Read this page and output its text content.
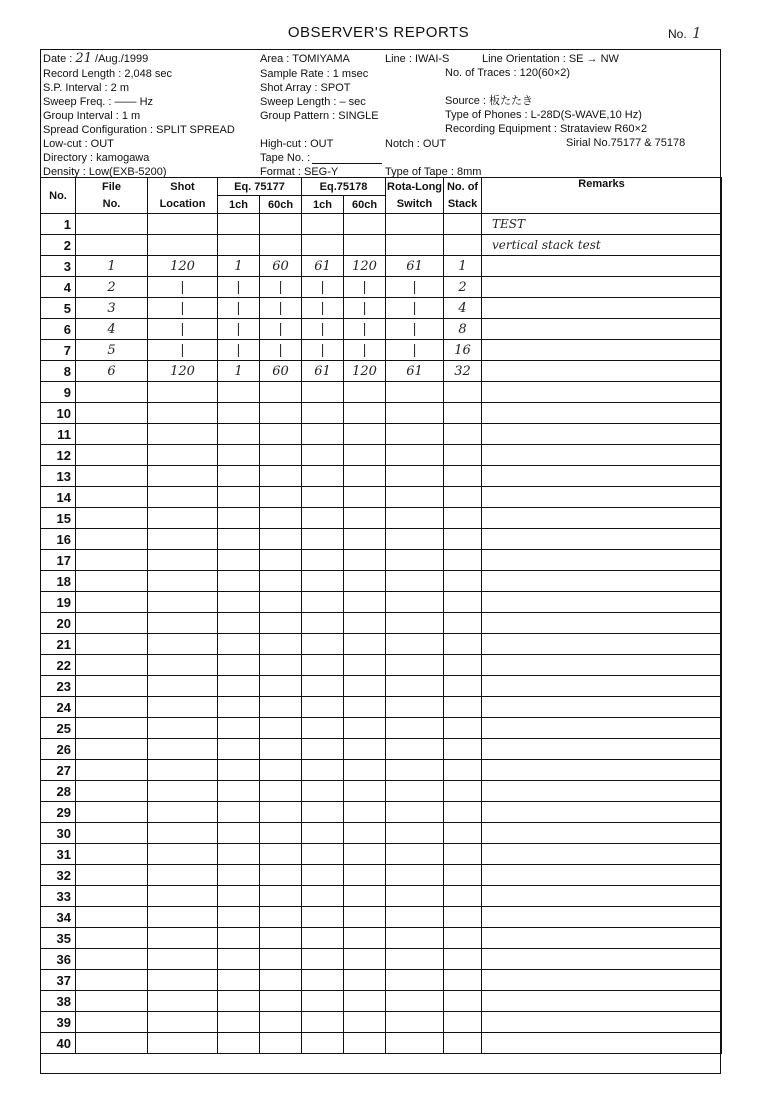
OBSERVER'S REPORTS	No. 1
Date : 21 /Aug./1999
Record Length : 2,048 sec
S.P. Interval : 2 m
Sweep Freq. : —— Hz
Group Interval : 1 m
Spread Configuration : SPLIT SPREAD
Low-cut : OUT
Directory : kamogawa
Density : Low(EXB-5200)
Area : TOMIYAMA
Sample Rate : 1 msec
Shot Array : SPOT
Sweep Length : – sec
Group Pattern : SINGLE
High-cut : OUT
Tape No. :
Format : SEG-Y
Line : IWAI-S	Line Orientation : SE → NW
No. of Traces : 120(60×2)
Source : 板たたき
Type of Phones : L-28D(S-WAVE,10 Hz)
Recording Equipment : Strataview R60×2
Notch : OUT	Sirial No.75177 & 75178
Type of Tape : 8mm
No.	File	Shot	Eq. 75177		Eq.75178		Rota-Long	No. of	Remarks
	No.	Location	1ch	60ch	1ch	60ch	Switch	Stack	
1									TEST
2									vertical stack test
3	1	120	1	60	61	120	61	1	
4	2	|	|	|	|	|	|	2	
5	3	|	|	|	|	|	|	4	
6	4	|	|	|	|	|	|	8	
7	5	|	|	|	|	|	|	16	
8	6	120	1	60	61	120	61	32	
9									
10									
11									
12									
13									
14									
15									
16									
17									
18									
19									
20									
21									
22									
23									
24									
25									
26									
27									
28									
29									
30									
31									
32									
33									
34									
35									
36									
37									
38									
39									
40									
